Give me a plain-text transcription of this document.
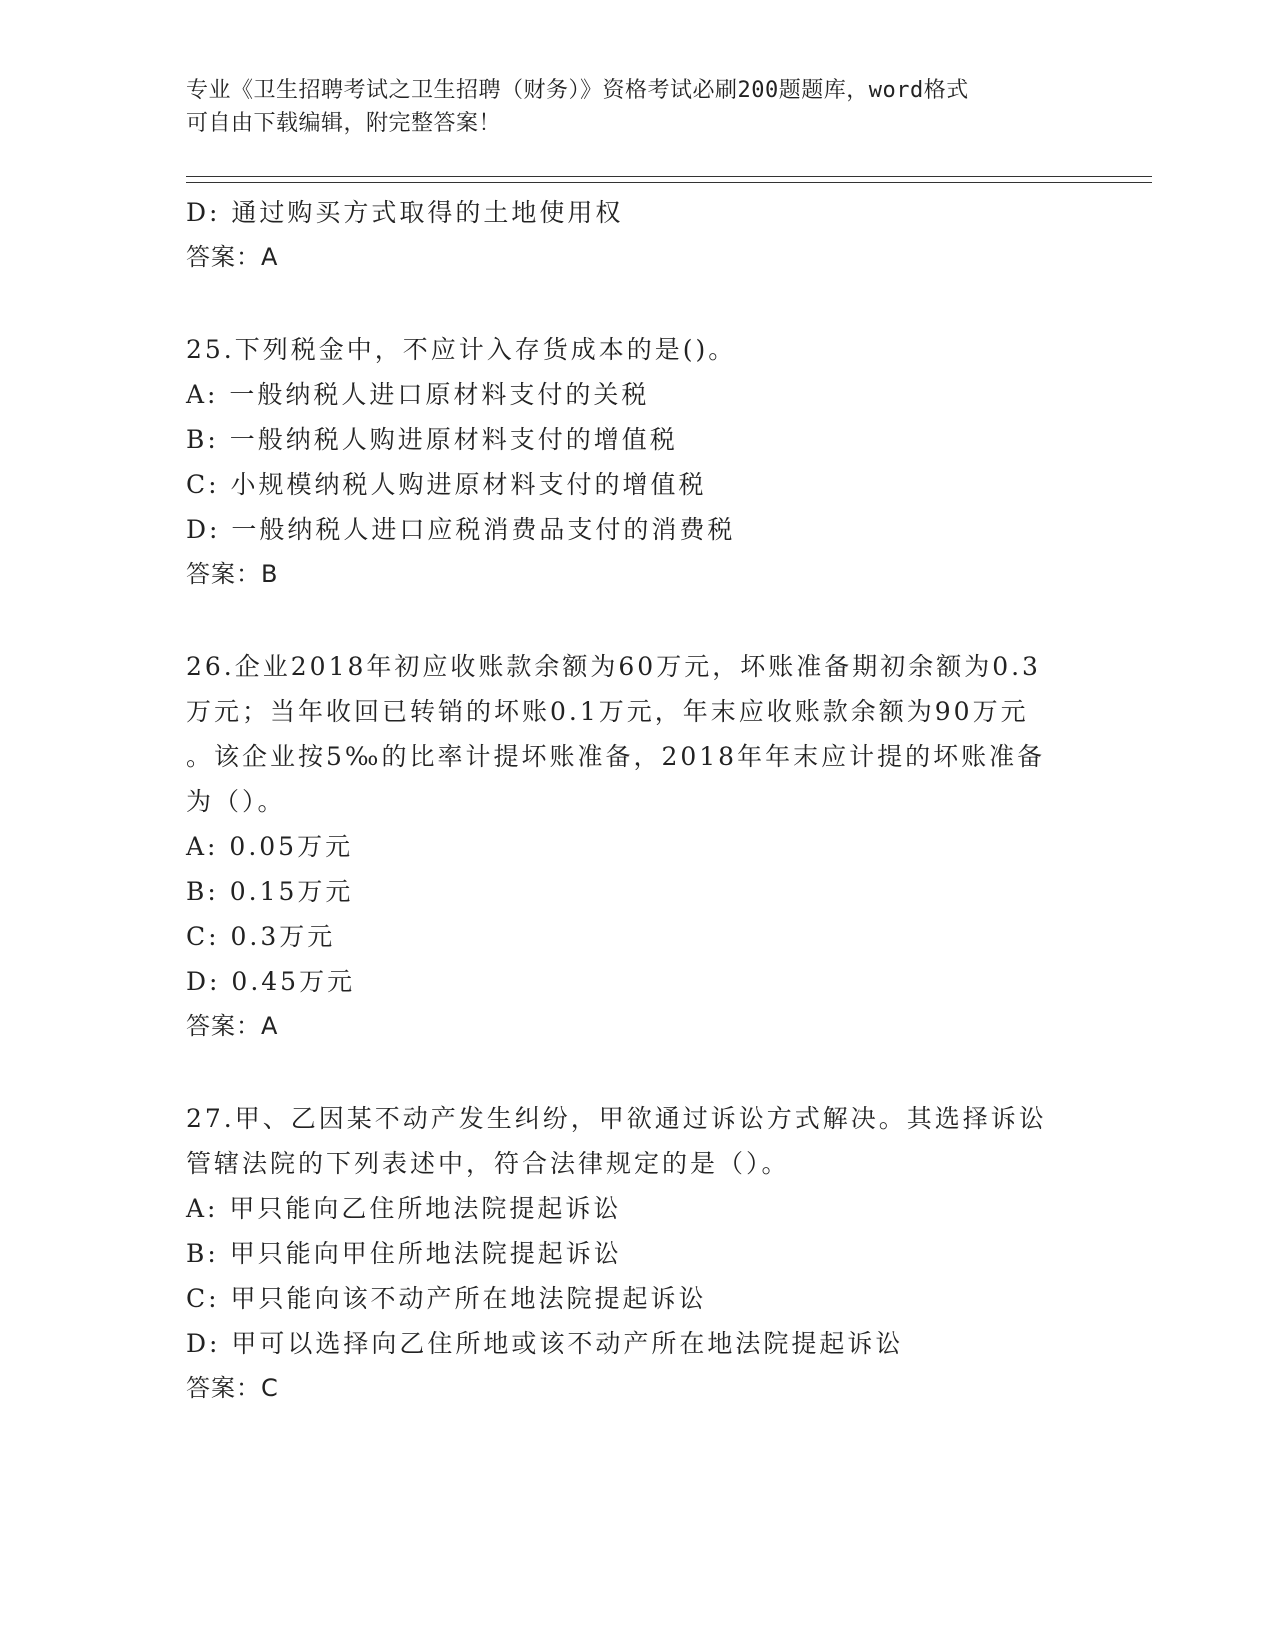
专业《卫生招聘考试之卫生招聘（财务）》资格考试必刷200题题库，word格式
可自由下载编辑，附完整答案！
D: 通过购买方式取得的土地使用权
答案：A
25.下列税金中，不应计入存货成本的是()。
A: 一般纳税人进口原材料支付的关税
B: 一般纳税人购进原材料支付的增值税
C: 小规模纳税人购进原材料支付的增值税
D: 一般纳税人进口应税消费品支付的消费税
答案：B
26.企业2018年初应收账款余额为60万元，坏账准备期初余额为0.3
万元；当年收回已转销的坏账0.1万元，年末应收账款余额为90万元
。该企业按5‰的比率计提坏账准备，2018年年末应计提的坏账准备
为（）。
A: 0.05万元
B: 0.15万元
C: 0.3万元
D: 0.45万元
答案：A
27.甲、乙因某不动产发生纠纷，甲欲通过诉讼方式解决。其选择诉讼
管辖法院的下列表述中，符合法律规定的是（）。
A: 甲只能向乙住所地法院提起诉讼
B: 甲只能向甲住所地法院提起诉讼
C: 甲只能向该不动产所在地法院提起诉讼
D: 甲可以选择向乙住所地或该不动产所在地法院提起诉讼
答案：C
